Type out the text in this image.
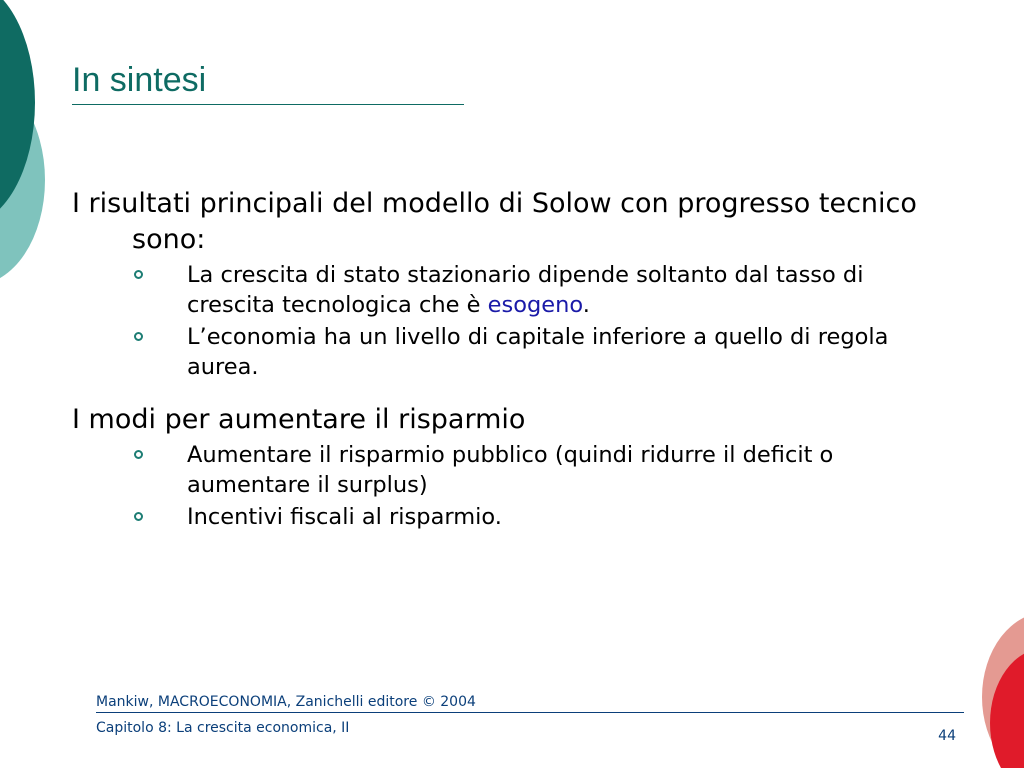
In sintesi

I risultati principali del modello di Solow con progresso tecnico sono:

La crescita di stato stazionario dipende soltanto dal tasso di crescita tecnologica che è esogeno.
L’economia ha un livello di capitale inferiore a quello di regola aurea.

I modi per aumentare il risparmio

Aumentare il risparmio pubblico (quindi ridurre il deficit o aumentare il surplus)
Incentivi fiscali al risparmio.
Mankiw, MACROECONOMIA, Zanichelli editore © 2004
Capitolo 8: La crescita economica, II	44
